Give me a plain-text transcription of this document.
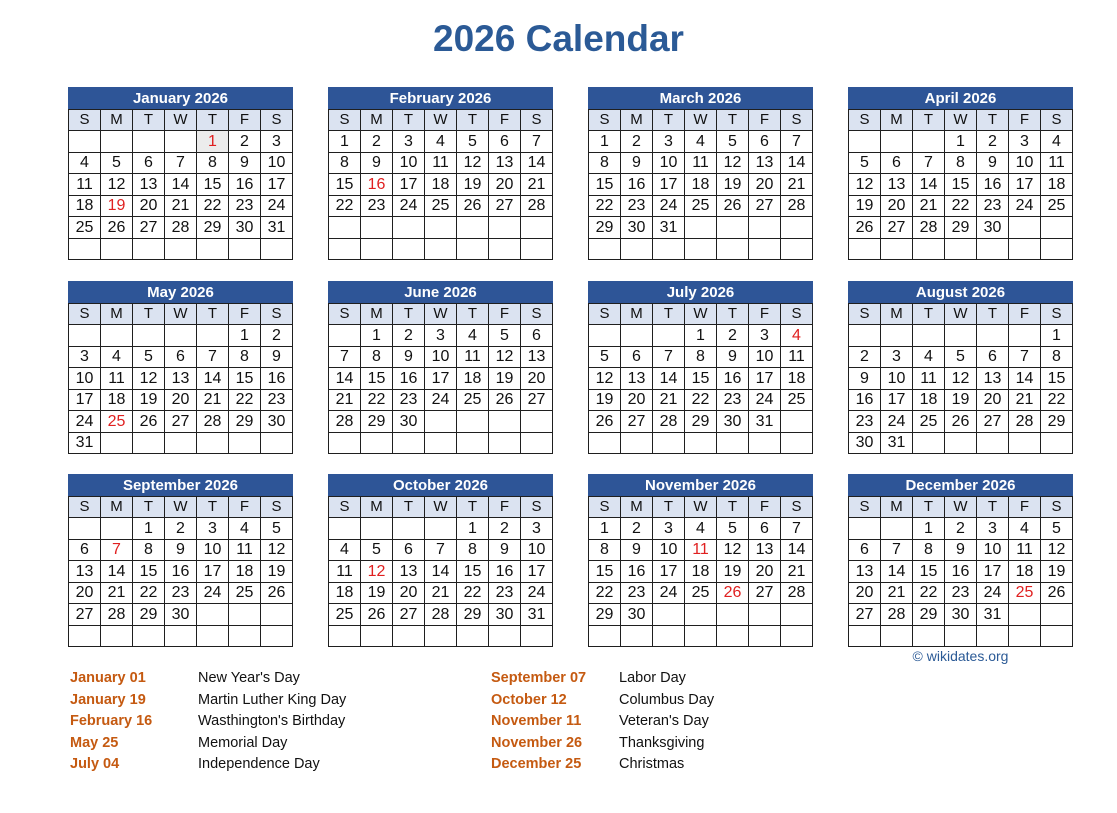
2026 Calendar
January 2026						
S	M	T	W	T	F	S
				1	2	3
4	5	6	7	8	9	10
11	12	13	14	15	16	17
18	19	20	21	22	23	24
25	26	27	28	29	30	31

February 2026						
S	M	T	W	T	F	S
1	2	3	4	5	6	7
8	9	10	11	12	13	14
15	16	17	18	19	20	21
22	23	24	25	26	27	28

March 2026						
S	M	T	W	T	F	S
1	2	3	4	5	6	7
8	9	10	11	12	13	14
15	16	17	18	19	20	21
22	23	24	25	26	27	28
29	30	31				

April 2026						
S	M	T	W	T	F	S
			1	2	3	4
5	6	7	8	9	10	11
12	13	14	15	16	17	18
19	20	21	22	23	24	25
26	27	28	29	30		

May 2026						
S	M	T	W	T	F	S
					1	2
3	4	5	6	7	8	9
10	11	12	13	14	15	16
17	18	19	20	21	22	23
24	25	26	27	28	29	30
31						
June 2026						
S	M	T	W	T	F	S
	1	2	3	4	5	6
7	8	9	10	11	12	13
14	15	16	17	18	19	20
21	22	23	24	25	26	27
28	29	30				

July 2026						
S	M	T	W	T	F	S
			1	2	3	4
5	6	7	8	9	10	11
12	13	14	15	16	17	18
19	20	21	22	23	24	25
26	27	28	29	30	31	

August 2026						
S	M	T	W	T	F	S
						1
2	3	4	5	6	7	8
9	10	11	12	13	14	15
16	17	18	19	20	21	22
23	24	25	26	27	28	29
30	31					
September 2026						
S	M	T	W	T	F	S
		1	2	3	4	5
6	7	8	9	10	11	12
13	14	15	16	17	18	19
20	21	22	23	24	25	26
27	28	29	30			

October 2026						
S	M	T	W	T	F	S
				1	2	3
4	5	6	7	8	9	10
11	12	13	14	15	16	17
18	19	20	21	22	23	24
25	26	27	28	29	30	31

November 2026						
S	M	T	W	T	F	S
1	2	3	4	5	6	7
8	9	10	11	12	13	14
15	16	17	18	19	20	21
22	23	24	25	26	27	28
29	30					

December 2026						
S	M	T	W	T	F	S
		1	2	3	4	5
6	7	8	9	10	11	12
13	14	15	16	17	18	19
20	21	22	23	24	25	26
27	28	29	30	31		

© wikidates.org
January 01	New Year's Day
January 19	Martin Luther King Day
February 16	Wasthington's Birthday
May 25	Memorial Day
July 04	Independence Day
September 07 Labor Day
October 12	Columbus Day
November 11	Veteran's Day
November 26	Thanksgiving
December 25	Christmas
